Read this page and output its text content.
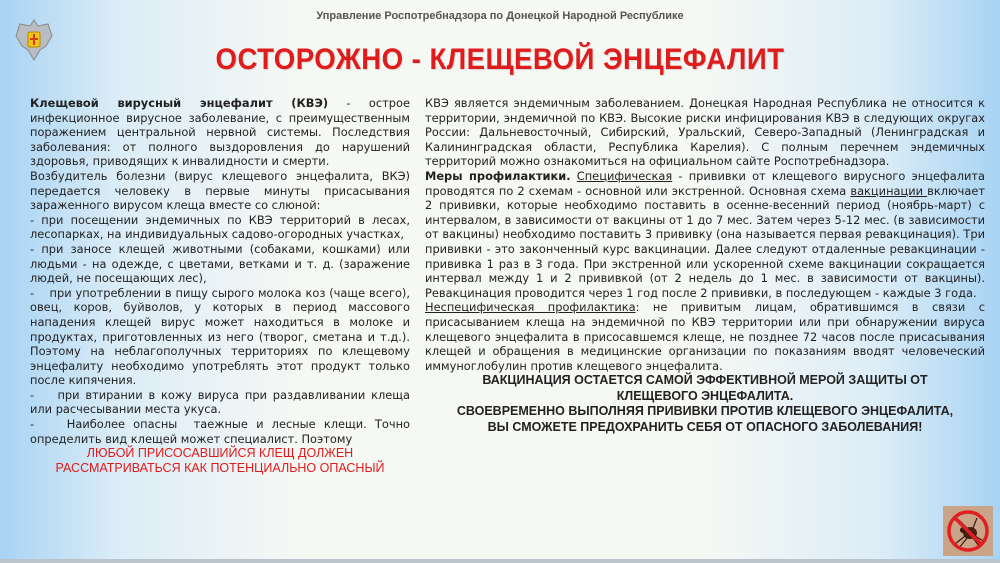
Управление Роспотребнадзора по Донецкой Народной Республике
ОСТОРОЖНО - КЛЕЩЕВОЙ ЭНЦЕФАЛИТ

Клещевой вирусный энцефалит (КВЭ) - острое инфекционное вирусное заболевание, с преимущественным поражением центральной нервной системы. Последствия заболевания: от полного выздоровления до нарушений здоровья, приводящих к инвалидности и смерти.

Возбудитель болезни (вирус клещевого энцефалита, ВКЭ) передается человеку в первые минуты присасывания зараженного вирусом клеща вместе со слюной:

- при посещении эндемичных по КВЭ территорий в лесах, лесопарках, на индивидуальных садово-огородных участках,

- при заносе клещей животными (собаками, кошками) или людьми - на одежде, с цветами, ветками и т. д. (заражение людей, не посещающих лес),

-    при употреблении в пищу сырого молока коз (чаще всего), овец, коров, буйволов, у которых в период массового нападения клещей вирус может находиться в молоке и продуктах, приготовленных из него (творог, сметана и т.д.). Поэтому на неблагополучных территориях по клещевому энцефалиту необходимо употреблять этот продукт только после кипячения.

-    при втирании в кожу вируса при раздавливании клеща или расчесывании места укуса.

-    Наиболее опасны  таежные и лесные клещи. Точно определить вид клещей может специалист. Поэтому

ЛЮБОЙ ПРИСОСАВШИЙСЯ КЛЕЩ ДОЛЖЕН

РАССМАТРИВАТЬСЯ КАК ПОТЕНЦИАЛЬНО ОПАСНЫЙ

КВЭ является эндемичным заболеванием. Донецкая Народная Республика не относится к территории, эндемичной по КВЭ. Высокие риски инфицирования КВЭ в следующих округах России: Дальневосточный, Сибирский, Уральский, Северо-Западный (Ленинградская и Калининградская области, Республика Карелия). С полным перечнем эндемичных территорий можно ознакомиться на официальном сайте Роспотребнадзора.

Меры профилактики. Специфическая - прививки от клещевого вирусного энцефалита проводятся по 2 схемам - основной или экстренной. Основная схема вакцинации включает 2 прививки, которые необходимо поставить в осенне-весенний период (ноябрь-март) с интервалом, в зависимости от вакцины от 1 до 7 мес. Затем через 5-12 мес. (в зависимости от вакцины) необходимо поставить 3 прививку (она называется первая ревакцинация). Три прививки - это законченный курс вакцинации. Далее следуют отдаленные ревакцинации - прививка 1 раз в 3 года. При экстренной или ускоренной схеме вакцинации сокращается интервал между 1 и 2 прививкой (от 2 недель до 1 мес. в зависимости от вакцины). Ревакцинация проводится через 1 год после 2 прививки, в последующем - каждые 3 года.

Неспецифическая профилактика: не привитым лицам, обратившимся в связи с присасыванием клеща на эндемичной по КВЭ территории или при обнаружении вируса клещевого энцефалита в присосавшемся клеще, не позднее 72 часов после присасывания клещей и обращения в медицинские организации по показаниям вводят человеческий иммуноглобулин против клещевого энцефалита.

ВАКЦИНАЦИЯ ОСТАЕТСЯ САМОЙ ЭФФЕКТИВНОЙ МЕРОЙ ЗАЩИТЫ ОТ КЛЕЩЕВОГО ЭНЦЕФАЛИТА.

СВОЕВРЕМЕННО ВЫПОЛНЯЯ ПРИВИВКИ ПРОТИВ КЛЕЩЕВОГО ЭНЦЕФАЛИТА, ВЫ СМОЖЕТЕ ПРЕДОХРАНИТЬ СЕБЯ ОТ ОПАСНОГО ЗАБОЛЕВАНИЯ!
